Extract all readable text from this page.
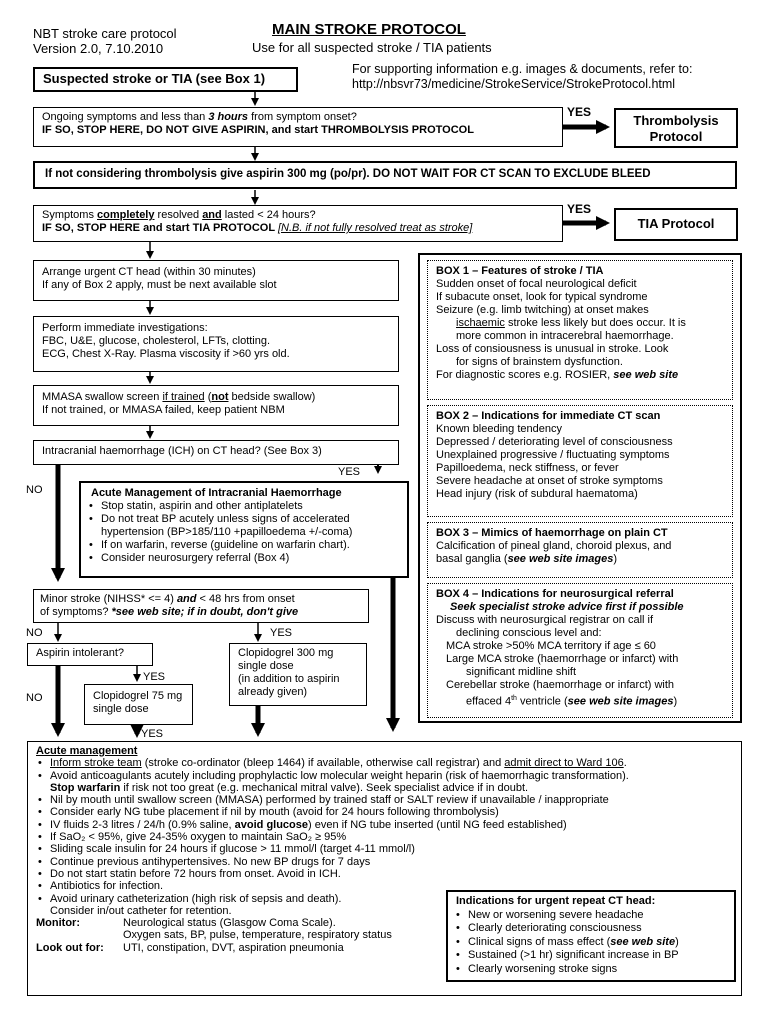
NBT stroke care protocol
Version 2.0, 7.10.2010
MAIN STROKE PROTOCOL
Use for all suspected stroke / TIA patients
For supporting information e.g. images & documents, refer to:
http://nbsvr73/medicine/StrokeService/StrokeProtocol.html
Suspected stroke or TIA (see Box 1)
Ongoing symptoms and less than 3 hours from symptom onset?
IF SO, STOP HERE, DO NOT GIVE ASPIRIN, and start THROMBOLYSIS PROTOCOL
YES
Thrombolysis Protocol
If not considering thrombolysis give aspirin 300 mg (po/pr). DO NOT WAIT FOR CT SCAN TO EXCLUDE BLEED
Symptoms completely resolved and lasted < 24 hours?
IF SO, STOP HERE and start TIA PROTOCOL [N.B. if not fully resolved treat as stroke]
YES
TIA Protocol
Arrange urgent CT head (within 30 minutes)
If any of Box 2 apply, must be next available slot
Perform immediate investigations:
FBC, U&E, glucose, cholesterol, LFTs, clotting.
ECG, Chest X-Ray. Plasma viscosity if >60 yrs old.
MMASA swallow screen if trained (not bedside swallow)
If not trained, or MMASA failed, keep patient NBM
Intracranial haemorrhage (ICH) on CT head? (See Box 3)
YES
NO	Acute Management of Intracranial Haemorrhage
• Stop statin, aspirin and other antiplatelets
• Do not treat BP acutely unless signs of accelerated
hypertension (BP>185/110 +papilloedema +/-coma)
• If on warfarin, reverse (guideline on warfarin chart).
• Consider neurosurgery referral (Box 4)
Minor stroke (NIHSS* <= 4) and < 48 hrs from onset
of symptoms? *see web site; if in doubt, don't give
NO	YES
Aspirin intolerant?
YES
NO	Clopidogrel 75 mg
single dose
YES
Clopidogrel 300 mg
single dose
(in addition to aspirin
already given)
BOX 1 – Features of stroke / TIA
Sudden onset of focal neurological deficit
If subacute onset, look for typical syndrome
Seizure (e.g. limb twitching) at onset makes
ischaemic stroke less likely but does occur. It is
more common in intracerebral haemorrhage.
Loss of consiousness is unusual in stroke. Look
for signs of brainstem dysfunction.
For diagnostic scores e.g. ROSIER, see web site
BOX 2 – Indications for immediate CT scan
Known bleeding tendency
Depressed / deteriorating level of consciousness
Unexplained progressive / fluctuating symptoms
Papilloedema, neck stiffness, or fever
Severe headache at onset of stroke symptoms
Head injury (risk of subdural haematoma)
BOX 3 – Mimics of haemorrhage on plain CT
Calcification of pineal gland, choroid plexus, and
basal ganglia (see web site images)
BOX 4 – Indications for neurosurgical referral
Seek specialist stroke advice first if possible
Discuss with neurosurgical registrar on call if
declining conscious level and:
MCA stroke >50% MCA territory if age ≤ 60
Large MCA stroke (haemorrhage or infarct) with
significant midline shift
Cerebellar stroke (haemorrhage or infarct) with
effaced 4th ventricle (see web site images)
Acute management
• Inform stroke team (stroke co-ordinator (bleep 1464) if available, otherwise call registrar) and admit direct to Ward 106.
• Avoid anticoagulants acutely including prophylactic low molecular weight heparin (risk of haemorrhagic transformation).
Stop warfarin if risk not too great (e.g. mechanical mitral valve). Seek specialist advice if in doubt.
• Nil by mouth until swallow screen (MMASA) performed by trained staff or SALT review if unavailable / inappropriate
• Consider early NG tube placement if nil by mouth (avoid for 24 hours following thrombolysis)
• IV fluids 2-3 litres / 24/h (0.9% saline, avoid glucose) even if NG tube inserted (until NG feed established)
• If SaO₂ < 95%, give 24-35% oxygen to maintain SaO₂ ≥ 95%
• Sliding scale insulin for 24 hours if glucose > 11 mmol/l (target 4-11 mmol/l)
• Continue previous antihypertensives. No new BP drugs for 7 days
• Do not start statin before 72 hours from onset. Avoid in ICH.
• Antibiotics for infection.
• Avoid urinary catheterization (high risk of sepsis and death).
Consider in/out catheter for retention.
Monitor:	Neurological status (Glasgow Coma Scale).
Oxygen sats, BP, pulse, temperature, respiratory status
Look out for: UTI, constipation, DVT, aspiration pneumonia
Indications for urgent repeat CT head:
• New or worsening severe headache
• Clearly deteriorating consciousness
• Clinical signs of mass effect (see web site)
• Sustained (>1 hr) significant increase in BP
• Clearly worsening stroke signs
